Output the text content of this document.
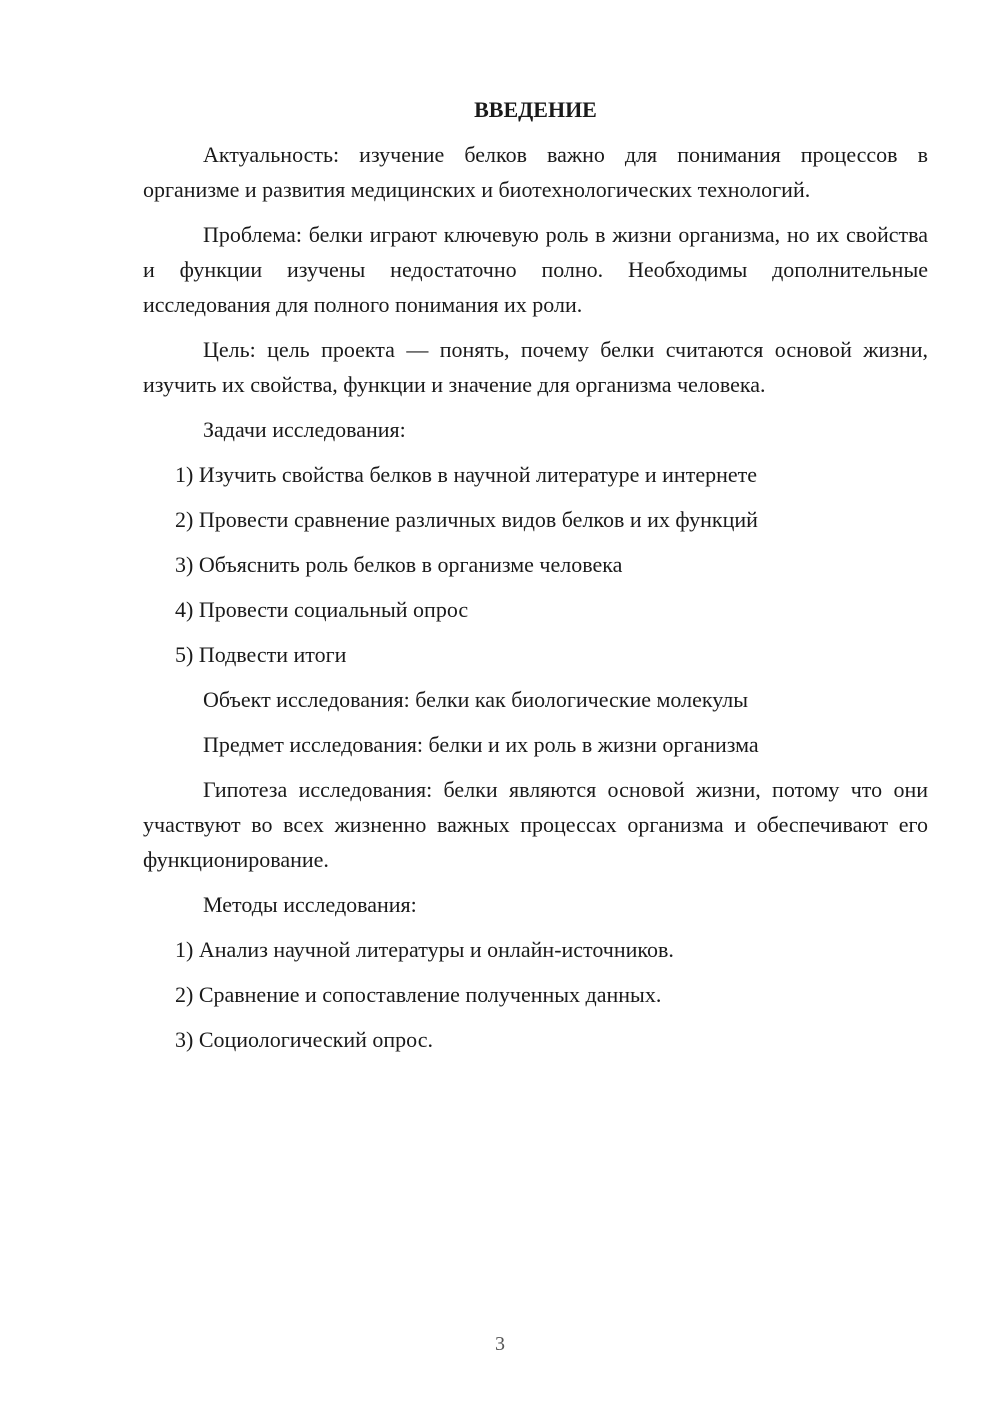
ВВЕДЕНИЕ

Актуальность: изучение белков важно для понимания процессов в организме и развития медицинских и биотехнологических технологий.

Проблема: белки играют ключевую роль в жизни организма, но их свойства и функции изучены недостаточно полно. Необходимы дополнительные исследования для полного понимания их роли.

Цель: цель проекта — понять, почему белки считаются основой жизни, изучить их свойства, функции и значение для организма человека.

Задачи исследования:

1) Изучить свойства белков в научной литературе и интернете
2) Провести сравнение различных видов белков и их функций
3) Объяснить роль белков в организме человека
4) Провести социальный опрос
5) Подвести итоги

Объект исследования: белки как биологические молекулы

Предмет исследования: белки и их роль в жизни организма

Гипотеза исследования: белки являются основой жизни, потому что они участвуют во всех жизненно важных процессах организма и обеспечивают его функционирование.

Методы исследования:

1) Анализ научной литературы и онлайн-источников.
2) Сравнение и сопоставление полученных данных.
3) Социологический опрос.
3
